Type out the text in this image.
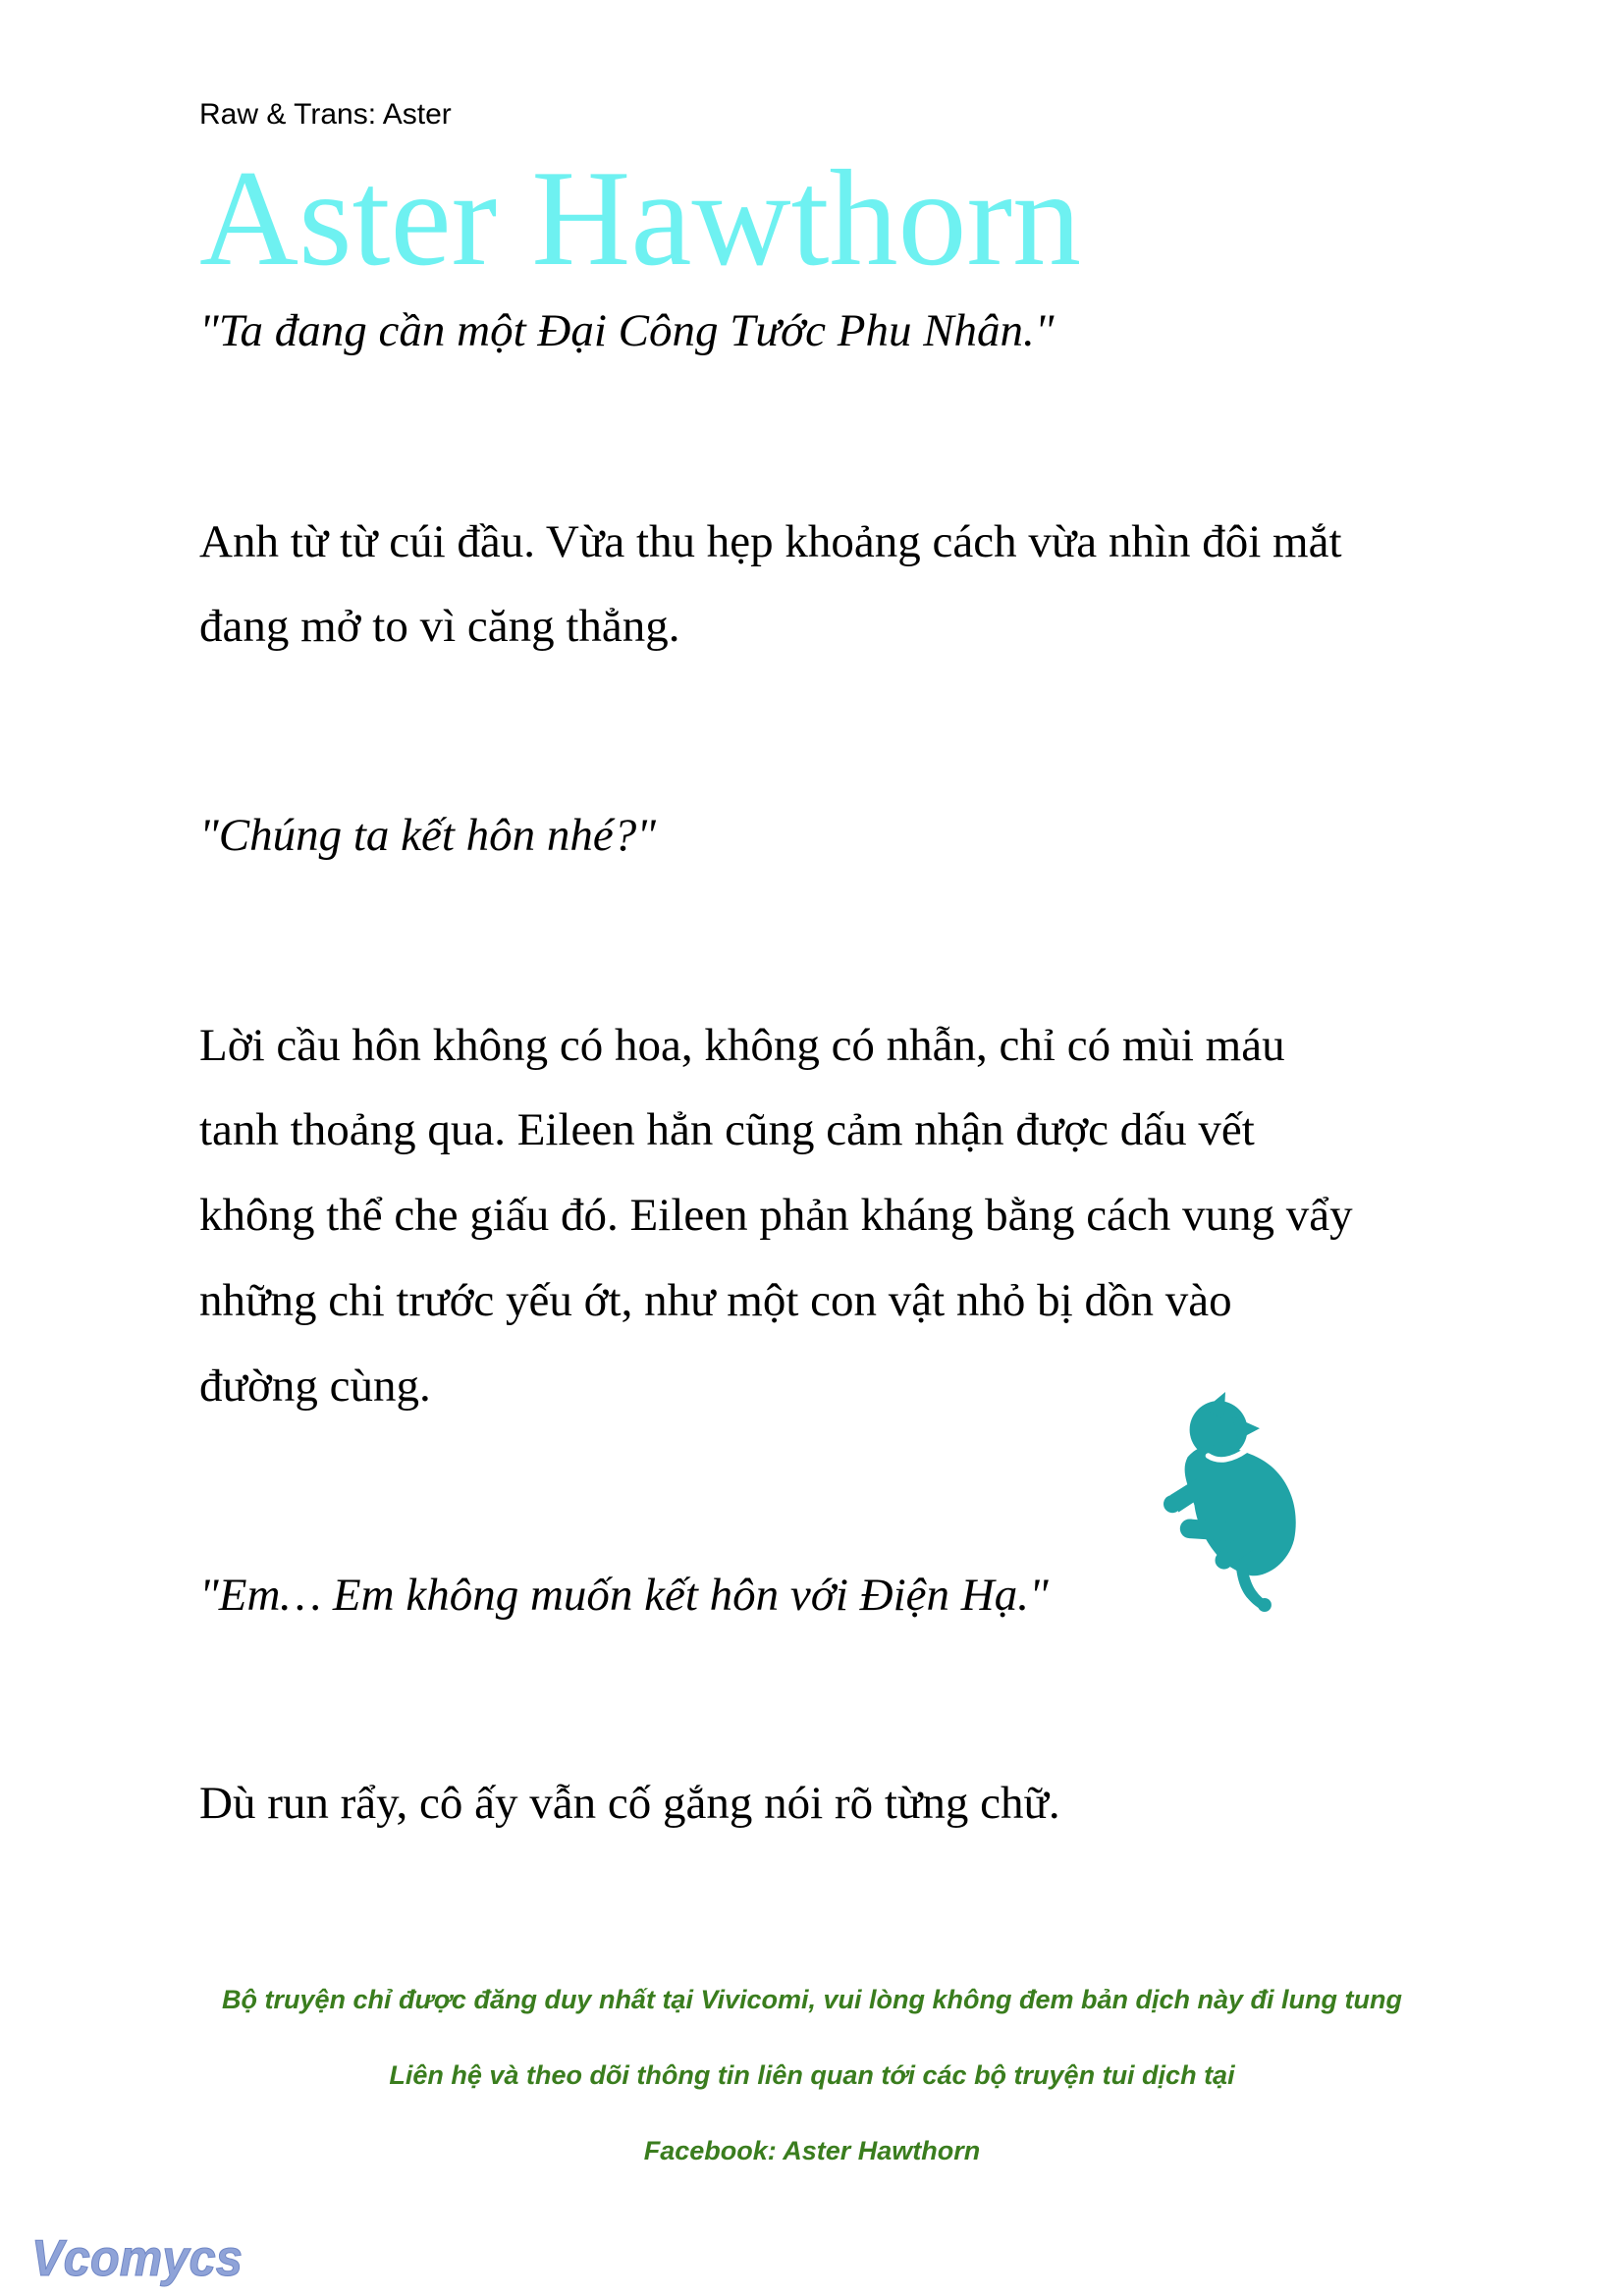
Raw & Trans: Aster
Aster Hawthorn
"Ta đang cần một Đại Công Tước Phu Nhân."
Anh từ từ cúi đầu. Vừa thu hẹp khoảng cách vừa nhìn đôi mắt
đang mở to vì căng thẳng.
"Chúng ta kết hôn nhé?"
Lời cầu hôn không có hoa, không có nhẫn, chỉ có mùi máu
tanh thoảng qua. Eileen hẳn cũng cảm nhận được dấu vết
không thể che giấu đó. Eileen phản kháng bằng cách vung vẩy
những chi trước yếu ớt, như một con vật nhỏ bị dồn vào
đường cùng.
"Em… Em không muốn kết hôn với Điện Hạ."
Dù run rẩy, cô ấy vẫn cố gắng nói rõ từng chữ.
Bộ truyện chỉ được đăng duy nhất tại Vivicomi, vui lòng không đem bản dịch này đi lung tung
Liên hệ và theo dõi thông tin liên quan tới các bộ truyện tui dịch tại
Facebook: Aster Hawthorn
Vcomycs
